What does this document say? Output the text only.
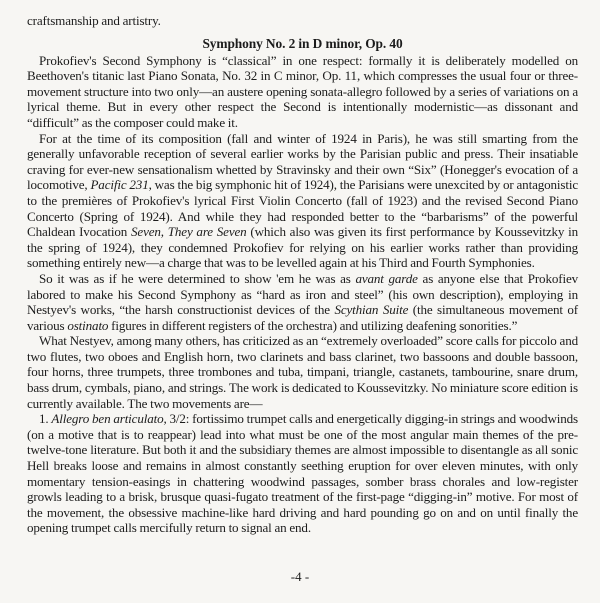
craftsmanship and artistry.

Symphony No. 2 in D minor, Op. 40

Prokofiev's Second Symphony is “classical” in one respect: formally it is deliberately modelled on Beethoven's titanic last Piano Sonata, No. 32 in C minor, Op. 11, which compresses the usual four or three-movement structure into two only—an austere opening sonata-allegro followed by a series of variations on a lyrical theme. But in every other respect the Second is intentionally modernistic—as dissonant and “difficult” as the composer could make it.

For at the time of its composition (fall and winter of 1924 in Paris), he was still smarting from the generally unfavorable reception of several earlier works by the Parisian public and press. Their insatiable craving for ever-new sensationalism whetted by Stravinsky and their own “Six” (Honegger's evocation of a locomotive, Pacific 231, was the big symphonic hit of 1924), the Parisians were unexcited by or antagonistic to the premières of Prokofiev's lyrical First Violin Concerto (fall of 1923) and the revised Second Piano Concerto (Spring of 1924). And while they had responded better to the “barbarisms” of the powerful Chaldean Ivocation Seven, They are Seven (which also was given its first performance by Koussevitzky in the spring of 1924), they condemned Prokofiev for relying on his earlier works rather than providing something entirely new—a charge that was to be levelled again at his Third and Fourth Symphonies.

So it was as if he were determined to show 'em he was as avant garde as anyone else that Prokofiev labored to make his Second Symphony as “hard as iron and steel” (his own description), employing in Nestyev's works, “the harsh constructionist devices of the Scythian Suite (the simultaneous movement of various ostinato figures in different registers of the orchestra) and utilizing deafening sonorities.”

What Nestyev, among many others, has criticized as an “extremely overloaded” score calls for piccolo and two flutes, two oboes and English horn, two clarinets and bass clarinet, two bassoons and double bassoon, four horns, three trumpets, three trombones and tuba, timpani, triangle, castanets, tambourine, snare drum, bass drum, cymbals, piano, and strings. The work is dedicated to Koussevitzky. No miniature score edition is currently available. The two movements are—

1. Allegro ben articulato, 3/2: fortissimo trumpet calls and energetically digging-in strings and woodwinds (on a motive that is to reappear) lead into what must be one of the most angular main themes of the pre-twelve-tone literature. But both it and the subsidiary themes are almost impossible to disentangle as all sonic Hell breaks loose and remains in almost constantly seething eruption for over eleven minutes, with only momentary tension-easings in chattering woodwind passages, somber brass chorales and low-register growls leading to a brisk, brusque quasi-fugato treatment of the first-page “digging-in” motive. For most of the movement, the obsessive machine-like hard driving and hard pounding go on and on until finally the opening trumpet calls mercifully return to signal an end.

-4 -
